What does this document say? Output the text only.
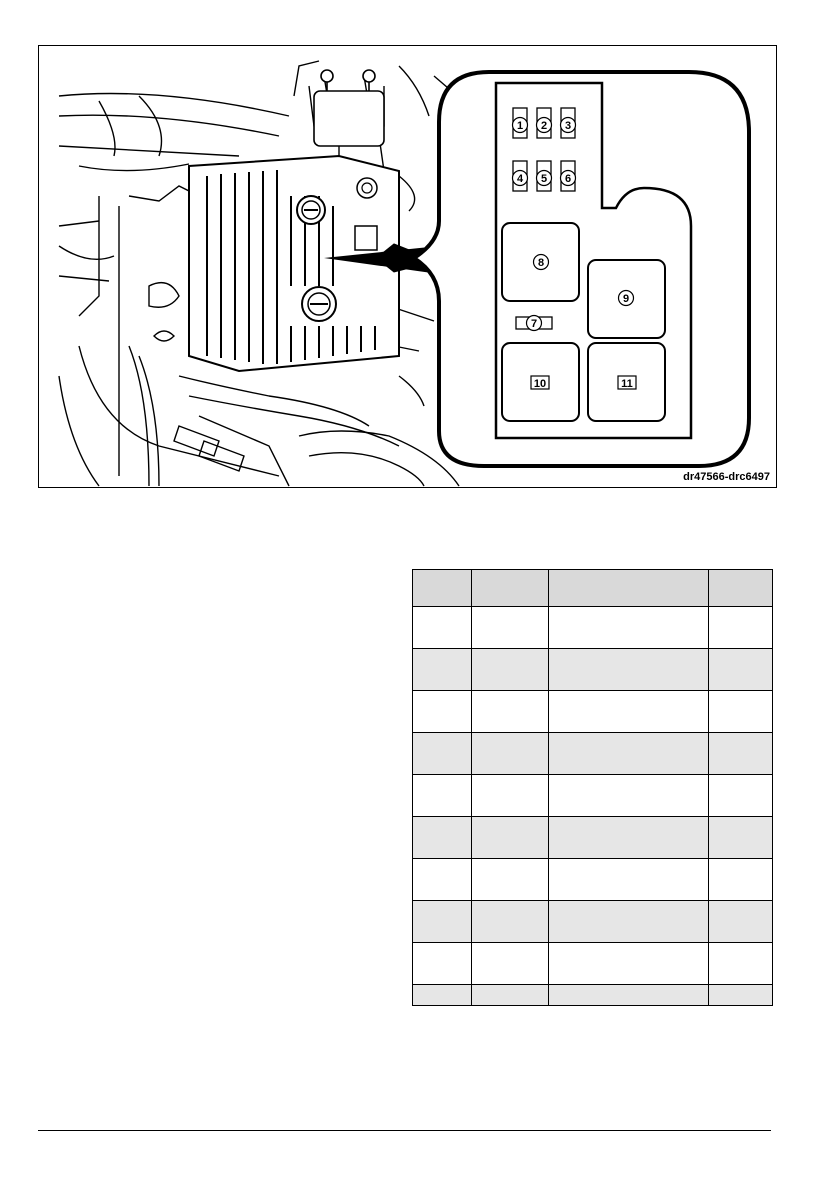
1 2 3
4 5 6
7
8
9
10	11
dr47566-drc6497
